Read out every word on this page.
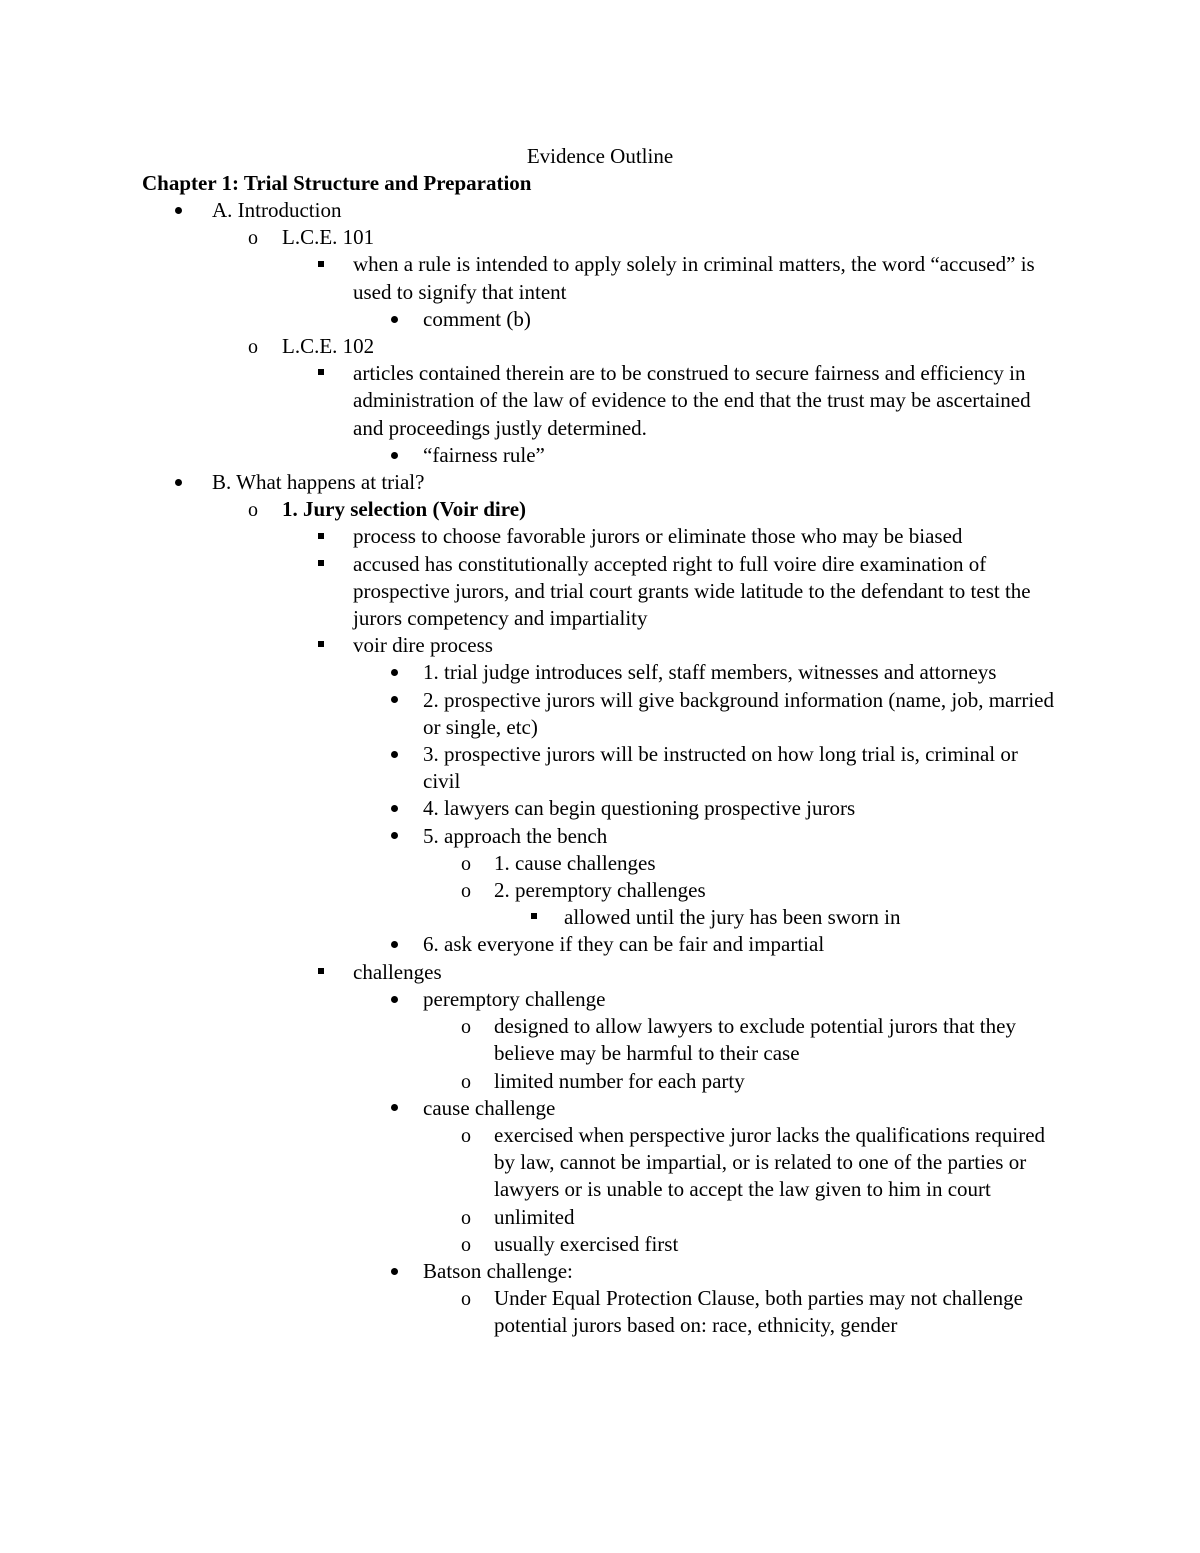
Evidence Outline
Chapter 1: Trial Structure and Preparation
A. Introduction
o	L.C.E. 101
when a rule is intended to apply solely in criminal matters, the word “accused” is used to signify that intent
comment (b)
o	L.C.E. 102
articles contained therein are to be construed to secure fairness and efficiency in administration of the law of evidence to the end that the trust may be ascertained and proceedings justly determined.
“fairness rule”
B. What happens at trial?
o	1. Jury selection (Voir dire)
process to choose favorable jurors or eliminate those who may be biased
accused has constitutionally accepted right to full voire dire examination of prospective jurors, and trial court grants wide latitude to the defendant to test the jurors competency and impartiality
voir dire process
1. trial judge introduces self, staff members, witnesses and attorneys
2. prospective jurors will give background information (name, job, married or single, etc)
3. prospective jurors will be instructed on how long trial is, criminal or civil
4. lawyers can begin questioning prospective jurors
5. approach the bench
o	1. cause challenges
o	2. peremptory challenges
allowed until the jury has been sworn in
6. ask everyone if they can be fair and impartial
challenges
peremptory challenge
o	designed to allow lawyers to exclude potential jurors that they believe may be harmful to their case
o	limited number for each party
cause challenge
o	exercised when perspective juror lacks the qualifications required by law, cannot be impartial, or is related to one of the parties or lawyers or is unable to accept the law given to him in court
o	unlimited
o	usually exercised first
Batson challenge:
o	Under Equal Protection Clause, both parties may not challenge potential jurors based on: race, ethnicity, gender
